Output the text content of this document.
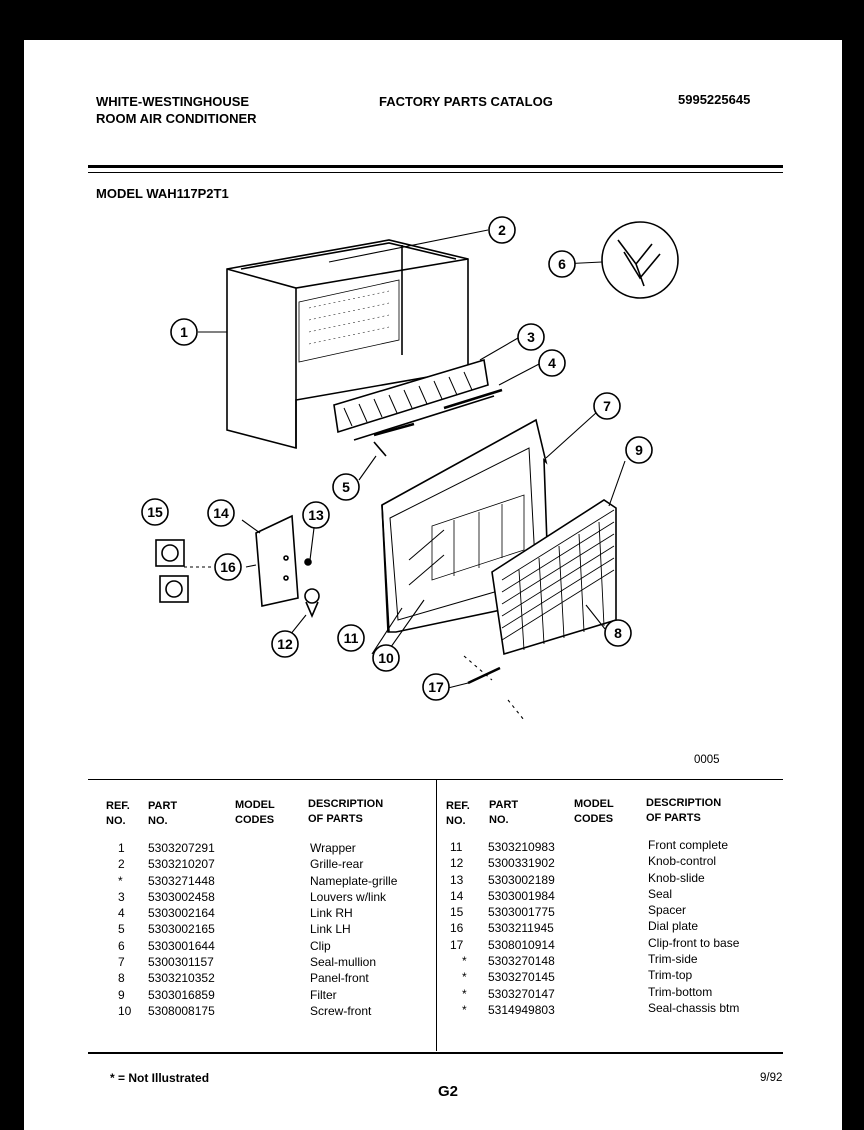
WHITE-WESTINGHOUSE
ROOM AIR CONDITIONER
FACTORY PARTS CATALOG	5995225645
MODEL WAH117P2T1
1
2
3
4
5
6
7
8
9
10
11
12
13
14
15
16
17
0005
REF.
NO.
PART
NO.
MODEL
CODES
DESCRIPTION
OF PARTS
REF.
NO.
PART
NO.
MODEL
CODES
DESCRIPTION
OF PARTS
1
2
*
3
4
5
6
7
8
9
10
5303207291
5303210207
5303271448
5303002458
5303002164
5303002165
5303001644
5300301157
5303210352
5303016859
5308008175
Wrapper
Grille-rear
Nameplate-grille
Louvers w/link
Link RH
Link LH
Clip
Seal-mullion
Panel-front
Filter
Screw-front
11
12
13
14
15
16
17
*
*
*
*
5303210983
5300331902
5303002189
5303001984
5303001775
5303211945
5308010914
5303270148
5303270145
5303270147
5314949803
Front complete
Knob-control
Knob-slide
Seal
Spacer
Dial plate
Clip-front to base
Trim-side
Trim-top
Trim-bottom
Seal-chassis btm
* = Not Illustrated
G2
9/92
